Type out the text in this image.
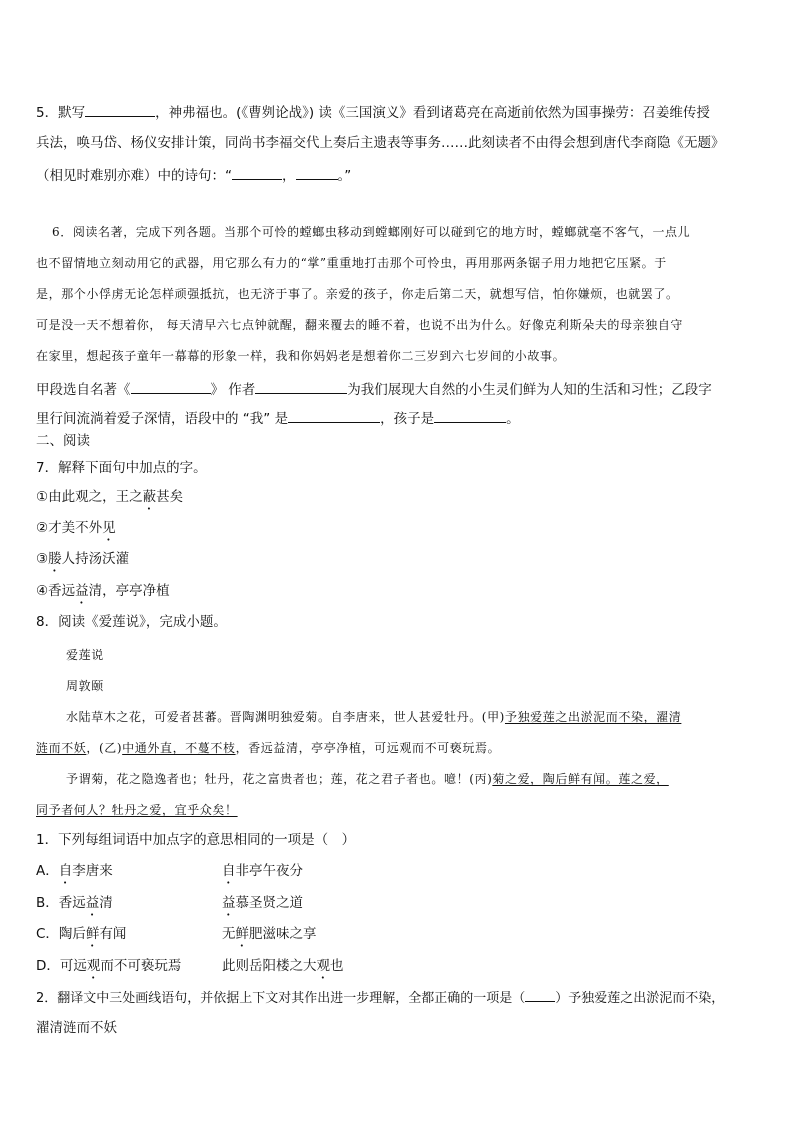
5．默写	，神弗福也。(《曹刿论战》) 读《三国演义》看到诸葛亮在高逝前依然为国事操劳：召姜维传授
兵法，唤马岱、杨仪安排计策，同尚书李福交代上奏后主遗表等事务……此刻读者不由得会想到唐代李商隐《无题》
（相见时难别亦难）中的诗句：“	，	。”
6．阅读名著，完成下列各题。当那个可怜的螳螂虫移动到螳螂刚好可以碰到它的地方时，螳螂就毫不客气，一点儿
也不留情地立刻动用它的武器，用它那么有力的“掌”重重地打击那个可怜虫，再用那两条锯子用力地把它压紧。于
是，那个小俘虏无论怎样顽强抵抗，也无济于事了。亲爱的孩子，你走后第二天，就想写信，怕你嫌烦，也就罢了。
可是没一天不想着你， 每天清早六七点钟就醒，翻来覆去的睡不着，也说不出为什么。好像克利斯朵夫的母亲独自守
在家里，想起孩子童年一幕幕的形象一样，我和你妈妈老是想着你二三岁到六七岁间的小故事。
甲段选自名著《	》 作者	为我们展现大自然的小生灵们鲜为人知的生活和习性；乙段字
里行间流淌着爱子深情，语段中的 “我” 是	，孩子是	。
二、阅读
7．解释下面句中加点的字。
①由此观之，王之蔽甚矣
②才美不外见
③媵人持汤沃灌
④香远益清，亭亭净植
8．阅读《爱莲说》，完成小题。
爱莲说
周敦颐
水陆草木之花，可爱者甚蕃。晋陶渊明独爱菊。自李唐来，世人甚爱牡丹。(甲)予独爱莲之出淤泥而不染，濯清
涟而不妖，(乙)中通外直，不蔓不枝，香远益清，亭亭净植，可远观而不可亵玩焉。
予谓菊，花之隐逸者也；牡丹，花之富贵者也；莲，花之君子者也。噫！(丙)菊之爱，陶后鲜有闻。莲之爱，
同予者何人？牡丹之爱，宜乎众矣！
1．下列每组词语中加点字的意思相同的一项是（　）
A．自李唐来	自非亭午夜分
B．香远益清	益慕圣贤之道
C．陶后鲜有闻	无鲜肥滋味之享
D．可远观而不可亵玩焉	此则岳阳楼之大观也
2．翻译文中三处画线语句，并依据上下文对其作出进一步理解，全都正确的一项是（ ）予独爱莲之出淤泥而不染，
濯清涟而不妖
